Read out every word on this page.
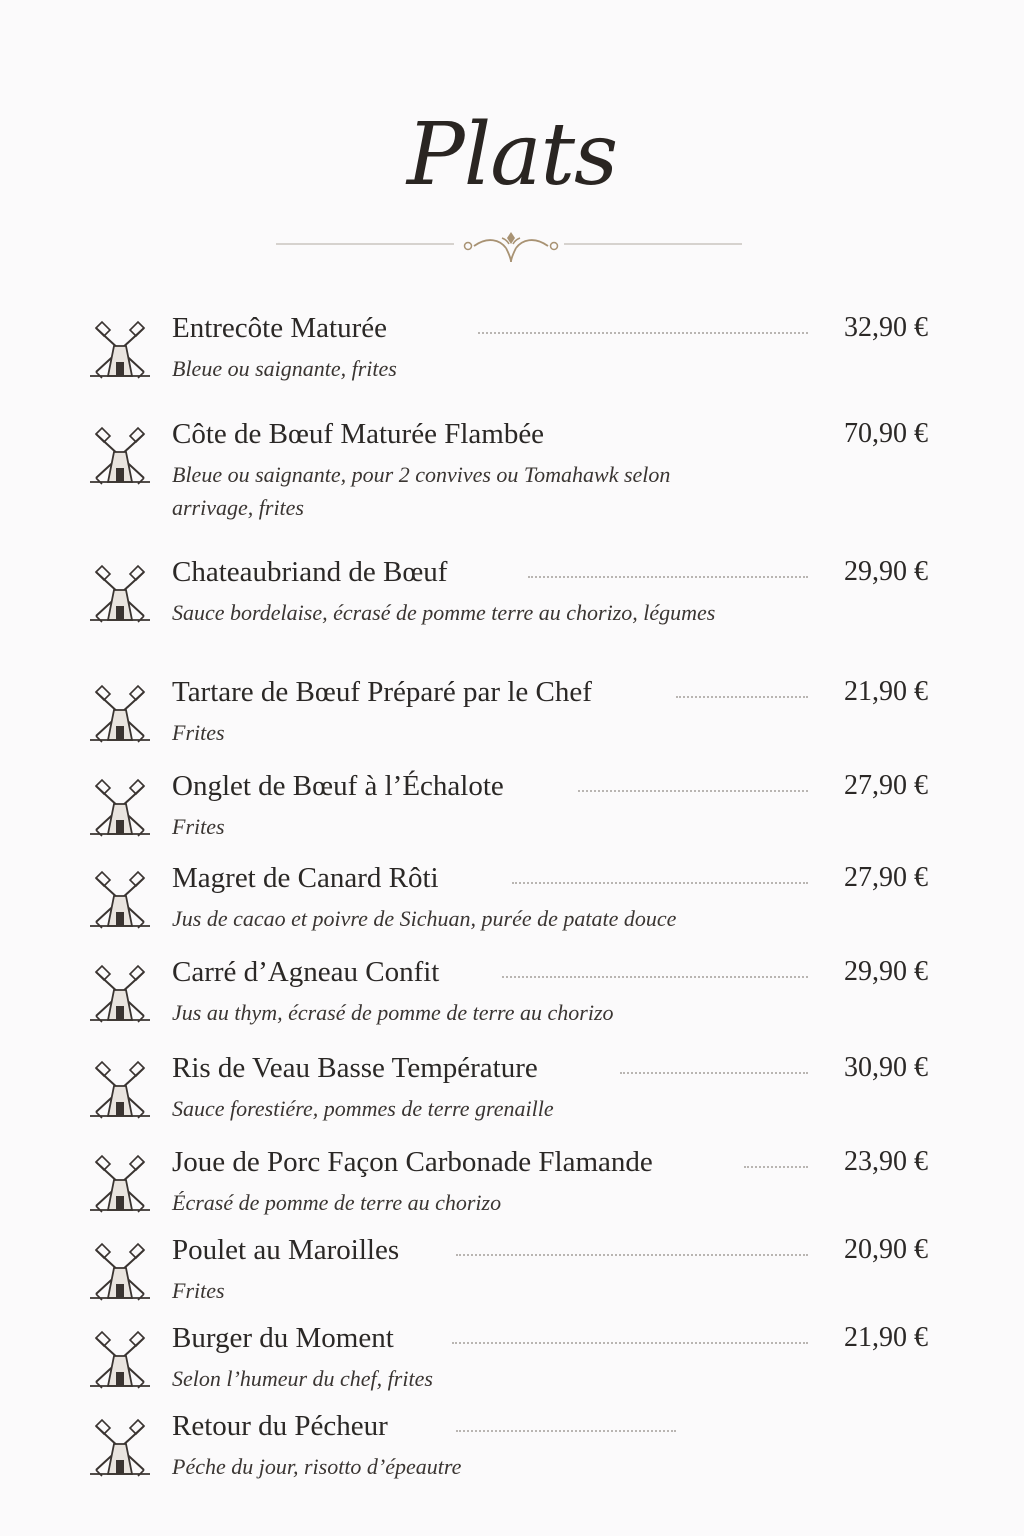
Plats
Entrecôte Maturée	32,90 €
Bleue ou saignante, frites
Côte de Bœuf Maturée Flambée	70,90 €
Bleue ou saignante, pour 2 convives ou Tomahawk selon arrivage, frites
Chateaubriand de Bœuf	29,90 €
Sauce bordelaise, écrasé de pomme terre au chorizo, légumes
Tartare de Bœuf Préparé par le Chef	21,90 €
Frites
Onglet de Bœuf à l’Échalote	27,90 €
Frites
Magret de Canard Rôti	27,90 €
Jus de cacao et poivre de Sichuan, purée de patate douce
Carré d’Agneau Confit	29,90 €
Jus au thym, écrasé de pomme de terre au chorizo
Ris de Veau Basse Température	30,90 €
Sauce forestiére, pommes de terre grenaille
Joue de Porc Façon Carbonade Flamande	23,90 €
Écrasé de pomme de terre au chorizo
Poulet au Maroilles	20,90 €
Frites
Burger du Moment	21,90 €
Selon l’humeur du chef, frites
Retour du Pécheur
Péche du jour, risotto d’épeautre
